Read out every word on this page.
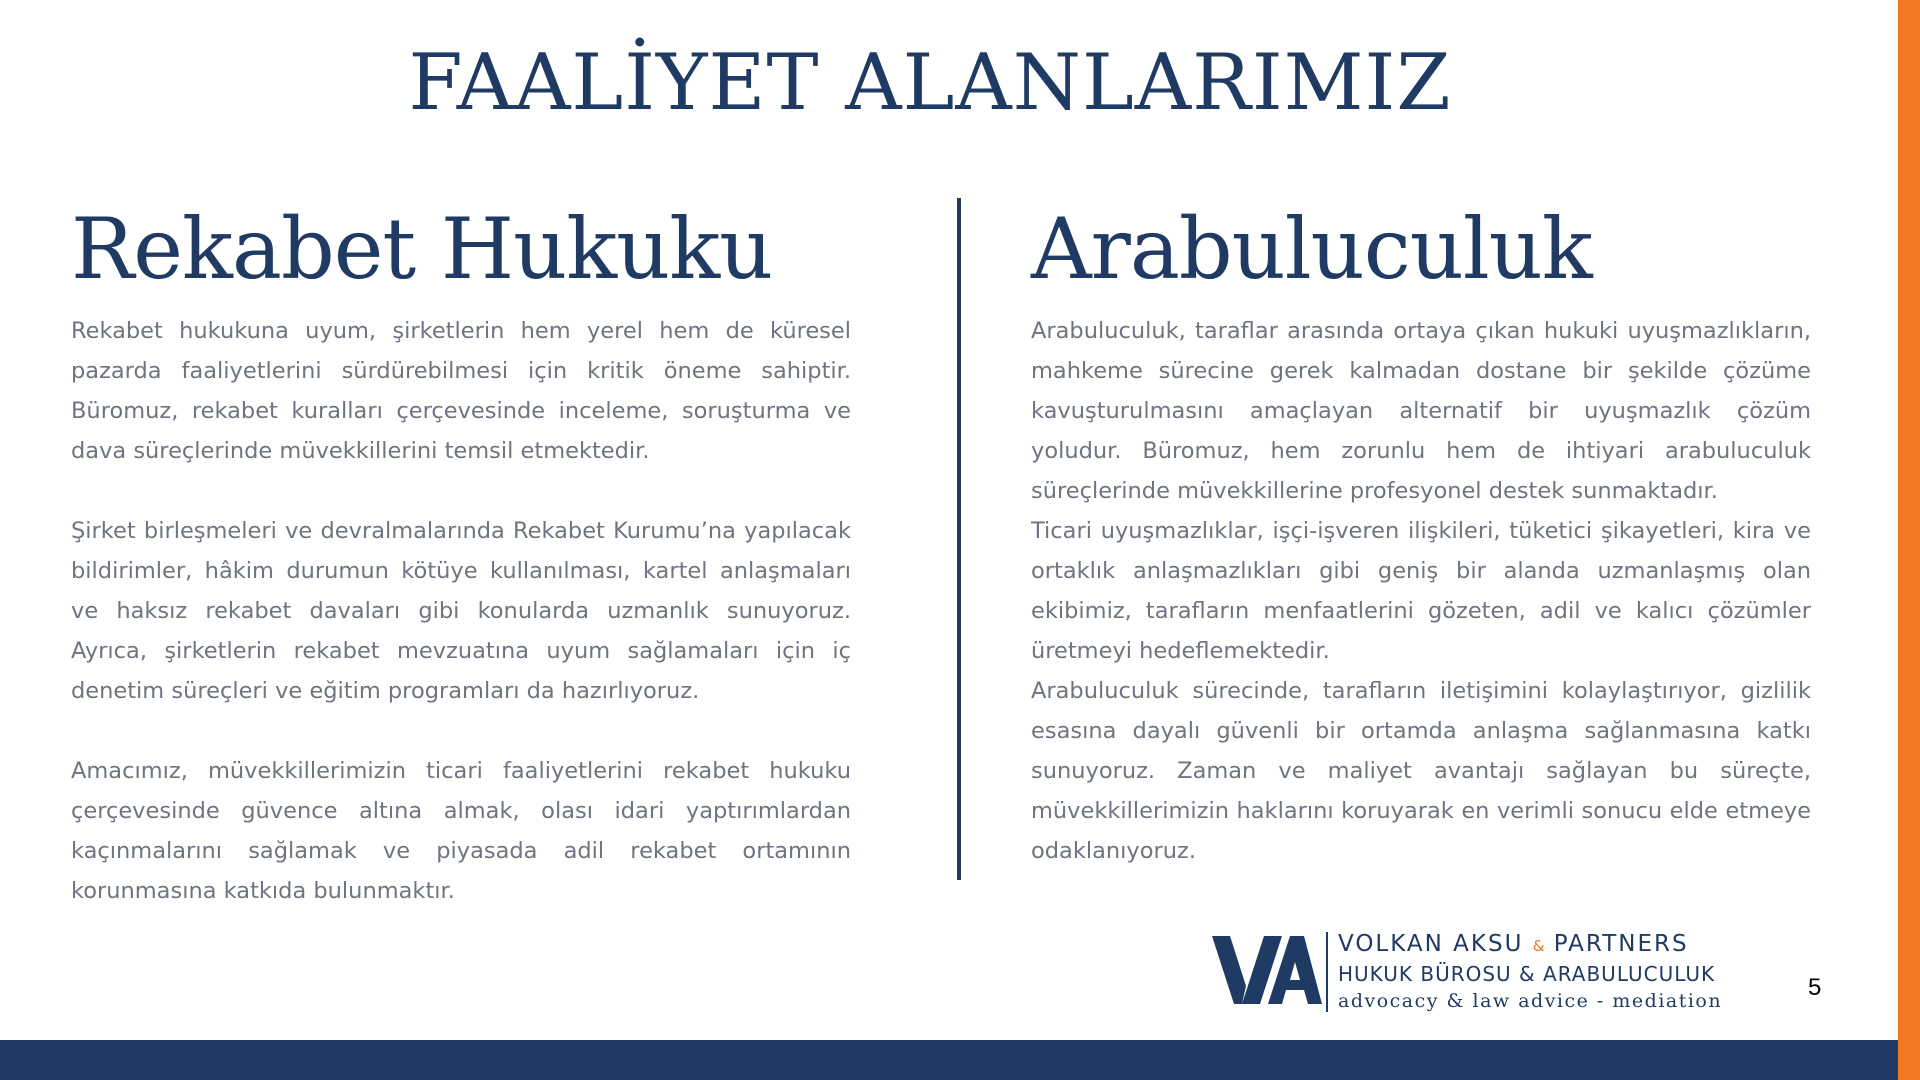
FAALİYET ALANLARIMIZ
Rekabet Hukuku

Rekabet hukukuna uyum, şirketlerin hem yerel hem de küresel pazarda faaliyetlerini sürdürebilmesi için kritik öneme sahiptir. Büromuz, rekabet kuralları çerçevesinde inceleme, soruşturma ve dava süreçlerinde müvekkillerini temsil etmektedir.

Şirket birleşmeleri ve devralmalarında Rekabet Kurumu’na yapılacak bildirimler, hâkim durumun kötüye kullanılması, kartel anlaşmaları ve haksız rekabet davaları gibi konularda uzmanlık sunuyoruz. Ayrıca, şirketlerin rekabet mevzuatına uyum sağlamaları için iç denetim süreçleri ve eğitim programları da hazırlıyoruz.

Amacımız, müvekkillerimizin ticari faaliyetlerini rekabet hukuku çerçevesinde güvence altına almak, olası idari yaptırımlardan kaçınmalarını sağlamak ve piyasada adil rekabet ortamının korunmasına katkıda bulunmaktır.

Arabuluculuk

Arabuluculuk, taraflar arasında ortaya çıkan hukuki uyuşmazlıkların, mahkeme sürecine gerek kalmadan dostane bir şekilde çözüme kavuşturulmasını amaçlayan alternatif bir uyuşmazlık çözüm yoludur. Büromuz, hem zorunlu hem de ihtiyari arabuluculuk süreçlerinde müvekkillerine profesyonel destek sunmaktadır.

Ticari uyuşmazlıklar, işçi-işveren ilişkileri, tüketici şikayetleri, kira ve ortaklık anlaşmazlıkları gibi geniş bir alanda uzmanlaşmış olan ekibimiz, tarafların menfaatlerini gözeten, adil ve kalıcı çözümler üretmeyi hedeflemektedir.

Arabuluculuk sürecinde, tarafların iletişimini kolaylaştırıyor, gizlilik esasına dayalı güvenli bir ortamda anlaşma sağlanmasına katkı sunuyoruz. Zaman ve maliyet avantajı sağlayan bu süreçte, müvekkillerimizin haklarını koruyarak en verimli sonucu elde etmeye odaklanıyoruz.

VOLKAN AKSU & PARTNERS
HUKUK BÜROSU & ARABULUCULUK
advocacy & law advice - mediation	5
